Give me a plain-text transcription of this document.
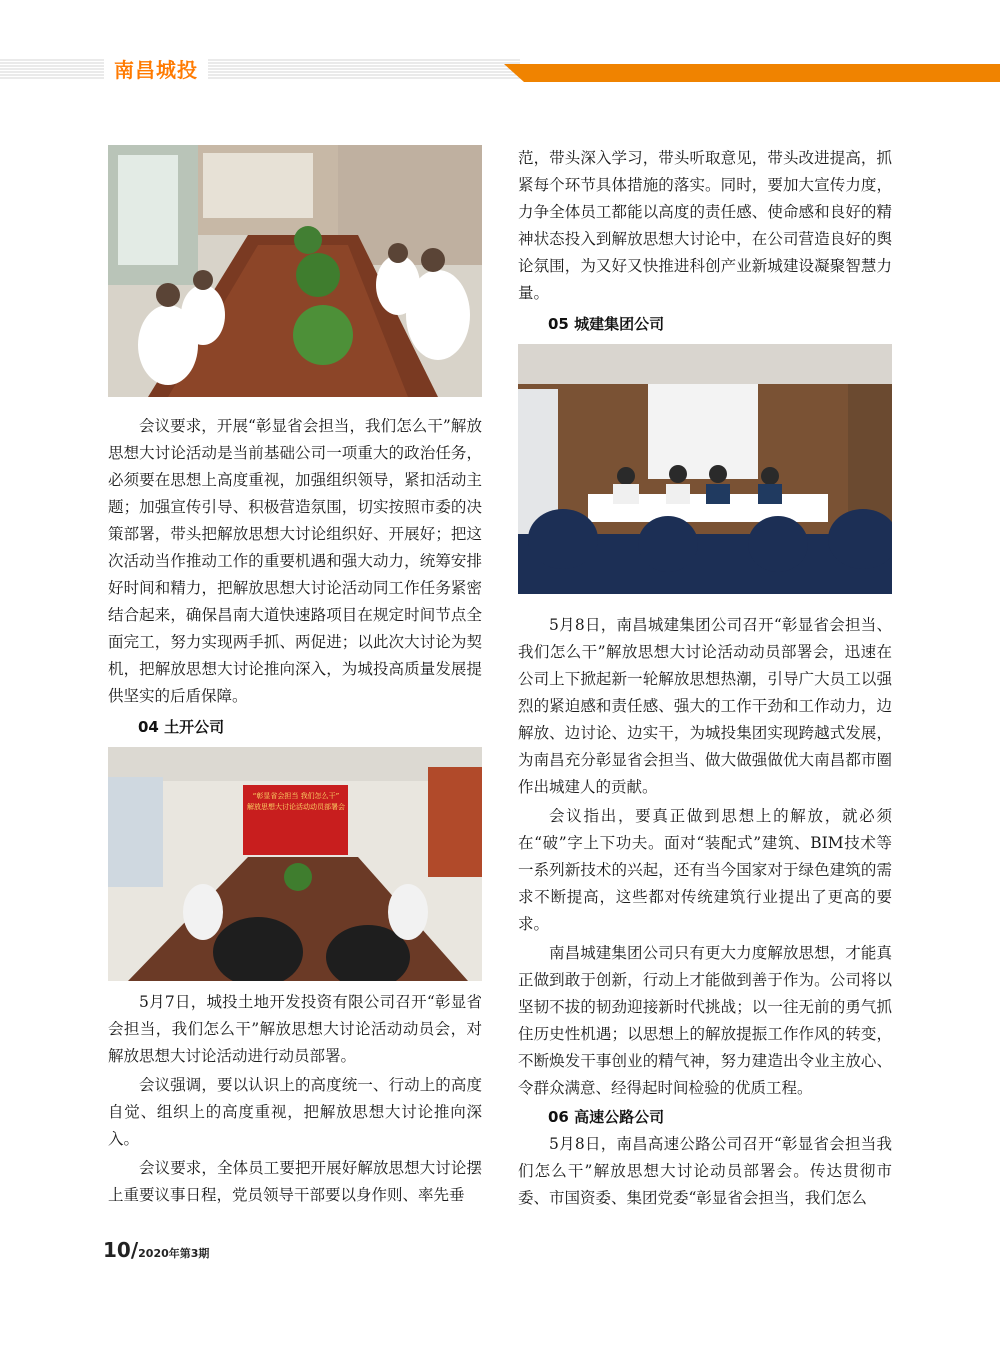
南昌城投

会议要求，开展“彰显省会担当，我们怎么干”解放思想大讨论活动是当前基础公司一项重大的政治任务，必须要在思想上高度重视，加强组织领导，紧扣活动主题；加强宣传引导、积极营造氛围，切实按照市委的决策部署，带头把解放思想大讨论组织好、开展好；把这次活动当作推动工作的重要机遇和强大动力，统筹安排好时间和精力，把解放思想大讨论活动同工作任务紧密结合起来，确保昌南大道快速路项目在规定时间节点全面完工，努力实现两手抓、两促进；以此次大讨论为契机，把解放思想大讨论推向深入，为城投高质量发展提供坚实的后盾保障。

04 土开公司
“彰显省会担当 我们怎么干”
解放思想大讨论活动动员部署会

5月7日，城投土地开发投资有限公司召开“彰显省会担当，我们怎么干”解放思想大讨论活动动员会，对解放思想大讨论活动进行动员部署。

会议强调，要以认识上的高度统一、行动上的高度自觉、组织上的高度重视，把解放思想大讨论推向深入。

会议要求，全体员工要把开展好解放思想大讨论摆上重要议事日程，党员领导干部要以身作则、率先垂

范，带头深入学习，带头听取意见，带头改进提高，抓紧每个环节具体措施的落实。同时，要加大宣传力度，力争全体员工都能以高度的责任感、使命感和良好的精神状态投入到解放思想大讨论中，在公司营造良好的舆论氛围，为又好又快推进科创产业新城建设凝聚智慧力量。

05 城建集团公司

5月8日，南昌城建集团公司召开“彰显省会担当、我们怎么干”解放思想大讨论活动动员部署会，迅速在公司上下掀起新一轮解放思想热潮，引导广大员工以强烈的紧迫感和责任感、强大的工作干劲和工作动力，边解放、边讨论、边实干，为城投集团实现跨越式发展，为南昌充分彰显省会担当、做大做强做优大南昌都市圈作出城建人的贡献。

会议指出，要真正做到思想上的解放，就必须在“破”字上下功夫。面对“装配式”建筑、BIM技术等一系列新技术的兴起，还有当今国家对于绿色建筑的需求不断提高，这些都对传统建筑行业提出了更高的要求。

南昌城建集团公司只有更大力度解放思想，才能真正做到敢于创新，行动上才能做到善于作为。公司将以坚韧不拔的韧劲迎接新时代挑战；以一往无前的勇气抓住历史性机遇；以思想上的解放提振工作作风的转变，不断焕发干事创业的精气神，努力建造出令业主放心、令群众满意、经得起时间检验的优质工程。

06 高速公路公司

5月8日，南昌高速公路公司召开“彰显省会担当我们怎么干”解放思想大讨论动员部署会。传达贯彻市委、市国资委、集团党委“彰显省会担当，我们怎么

10/2020年第3期
